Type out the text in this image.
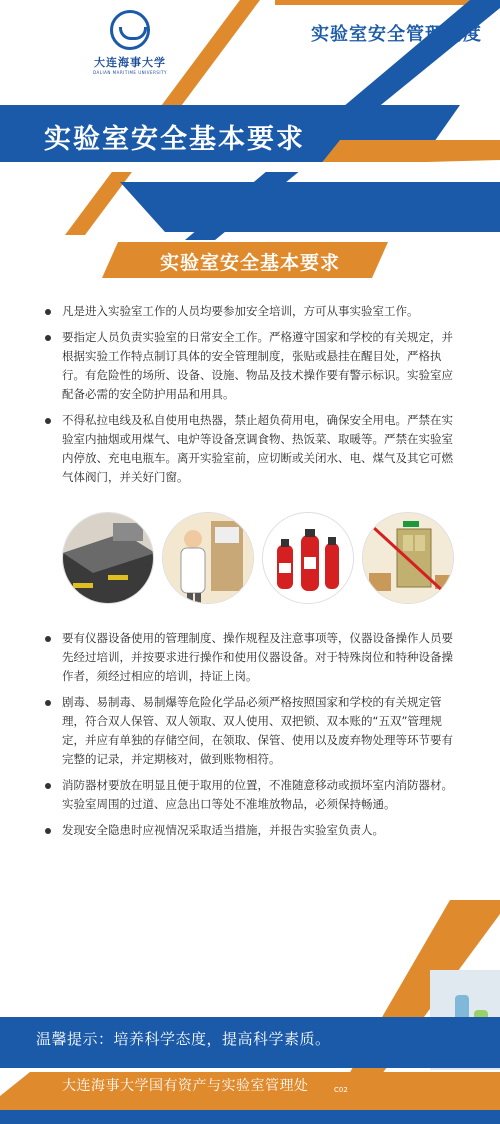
大连海事大学
DALIAN MARITIME UNIVERSITY
实验室安全管理制度
实验室安全基本要求
实验室安全基本要求
凡是进入实验室工作的人员均要参加安全培训，方可从事实验室工作。
要指定人员负责实验室的日常安全工作。严格遵守国家和学校的有关规定，并根据实验工作特点制订具体的安全管理制度，张贴或悬挂在醒目处，严格执行。有危险性的场所、设备、设施、物品及技术操作要有警示标识。实验室应配备必需的安全防护用品和用具。
不得私拉电线及私自使用电热器，禁止超负荷用电，确保安全用电。严禁在实验室内抽烟或用煤气、电炉等设备烹调食物、热饭菜、取暖等。严禁在实验室内停放、充电电瓶车。离开实验室前，应切断或关闭水、电、煤气及其它可燃气体阀门，并关好门窗。
要有仪器设备使用的管理制度、操作规程及注意事项等，仪器设备操作人员要先经过培训，并按要求进行操作和使用仪器设备。对于特殊岗位和特种设备操作者，须经过相应的培训，持证上岗。
剧毒、易制毒、易制爆等危险化学品必须严格按照国家和学校的有关规定管理，符合双人保管、双人领取、双人使用、双把锁、双本账的“五双”管理规定，并应有单独的存储空间，在领取、保管、使用以及废弃物处理等环节要有完整的记录，并定期核对，做到账物相符。
消防器材要放在明显且便于取用的位置，不准随意移动或损坏室内消防器材。实验室周围的过道、应急出口等处不准堆放物品，必须保持畅通。
发现安全隐患时应视情况采取适当措施，并报告实验室负责人。
温馨提示：培养科学态度，提高科学素质。
大连海事大学国有资产与实验室管理处	C02
